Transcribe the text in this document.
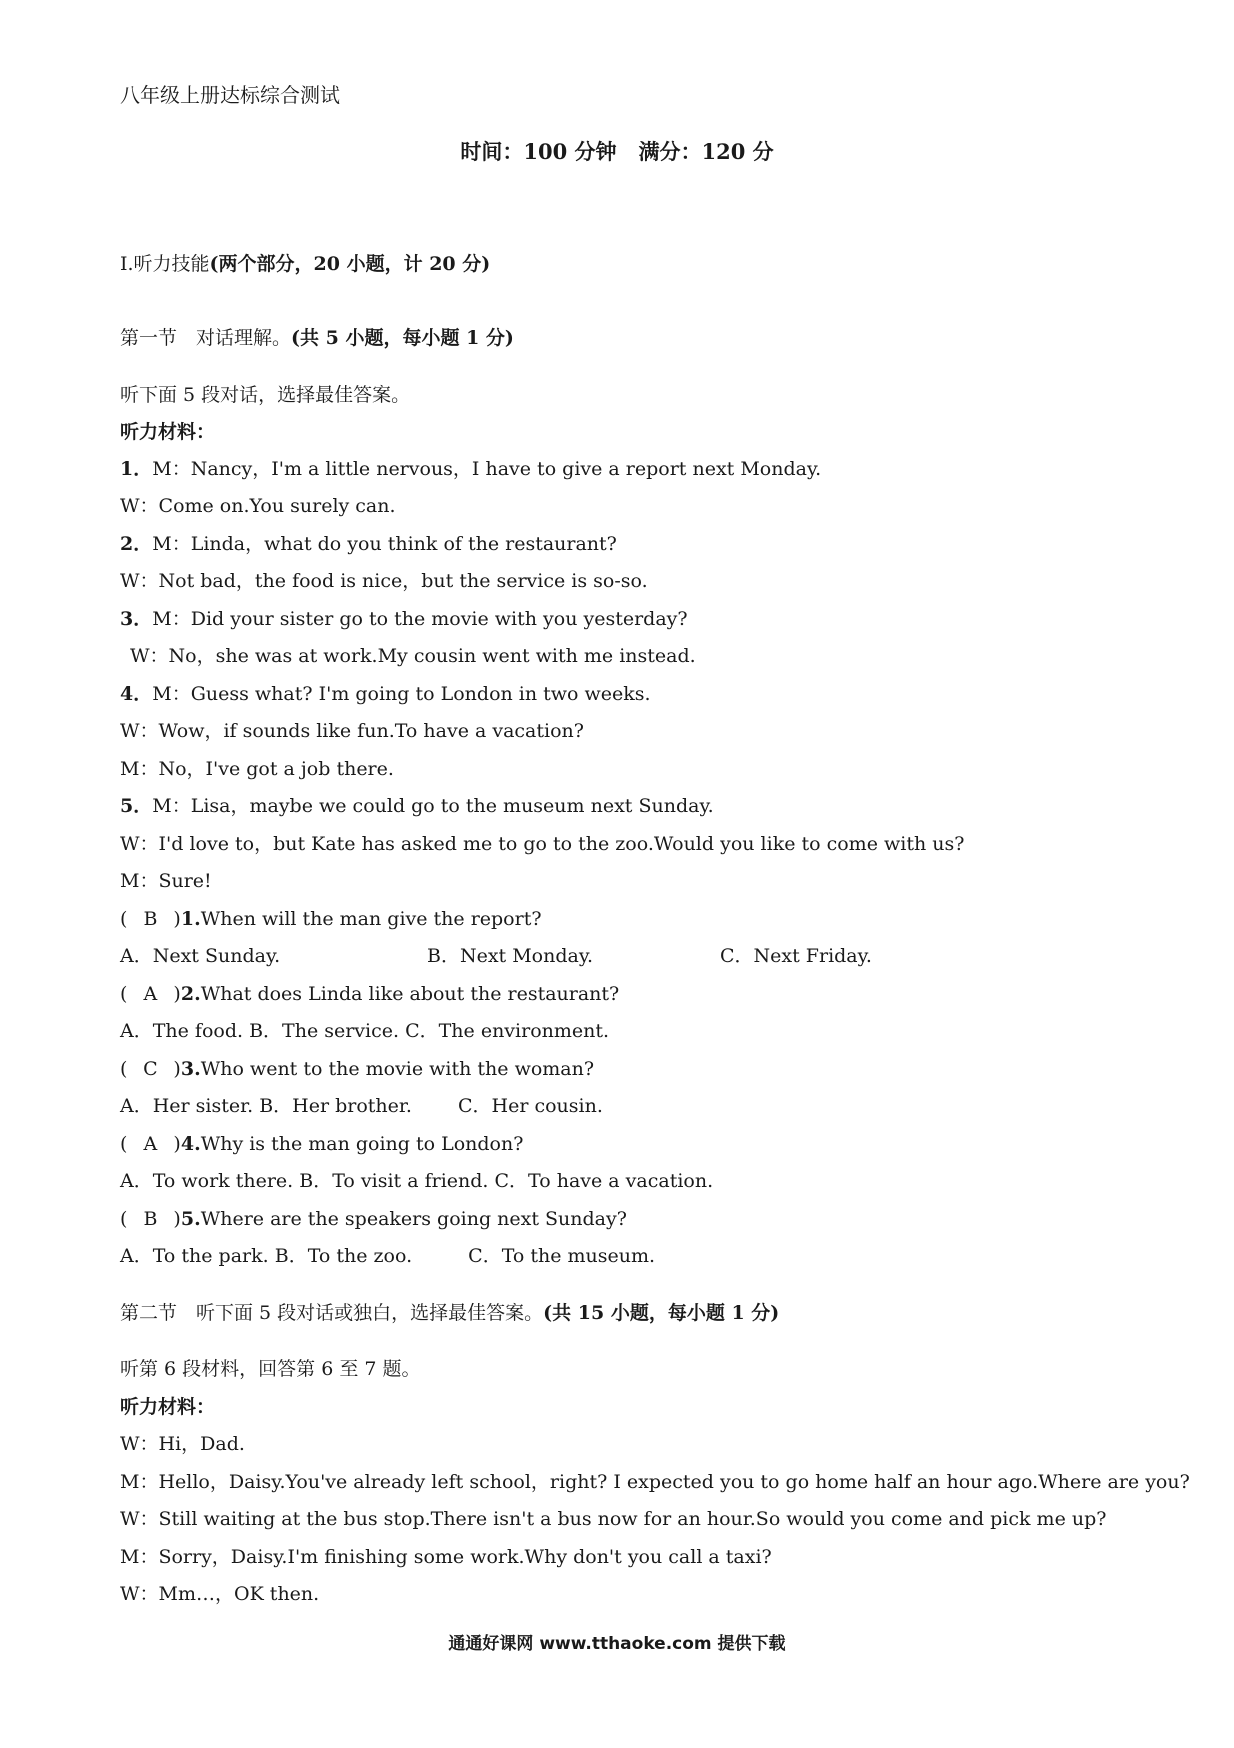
八年级上册达标综合测试
时间：100 分钟 满分：120 分
Ⅰ.听力技能(两个部分，20 小题，计 20 分)
第一节　对话理解。(共 5 小题，每小题 1 分)
听下面 5 段对话，选择最佳答案。
听力材料：
1．M：Nancy，I'm a little nervous，I have to give a report next Monday.
W：Come on.You surely can.
2．M：Linda，what do you think of the restaurant?
W：Not bad，the food is nice，but the service is so-so.
3．M：Did your sister go to the movie with you yesterday?
W：No，she was at work.My cousin went with me instead.
4．M：Guess what? I'm going to London in two weeks.
W：Wow，if sounds like fun.To have a vacation?
M：No，I've got a job there.
5．M：Lisa，maybe we could go to the museum next Sunday.
W：I'd love to，but Kate has asked me to go to the zoo.Would you like to come with us?
M：Sure!
( B )1.When will the man give the report?
A．Next Sunday.	B．Next Monday.	C．Next Friday.
( A )2.What does Linda like about the restaurant?
A．The food. B．The service. C．The environment.
( C )3.Who went to the movie with the woman?
A．Her sister. B．Her brother. C．Her cousin.
( A )4.Why is the man going to London?
A．To work there. B．To visit a friend. C．To have a vacation.
( B )5.Where are the speakers going next Sunday?
A．To the park. B．To the zoo.	C．To the museum.
第二节　听下面 5 段对话或独白，选择最佳答案。(共 15 小题，每小题 1 分)
听第 6 段材料，回答第 6 至 7 题。
听力材料：
W：Hi，Dad.
M：Hello，Daisy.You've already left school，right? I expected you to go home half an hour ago.Where are you?
W：Still waiting at the bus stop.There isn't a bus now for an hour.So would you come and pick me up?
M：Sorry，Daisy.I'm finishing some work.Why don't you call a taxi?
W：Mm…，OK then.
通通好课网 www.tthaoke.com 提供下载
